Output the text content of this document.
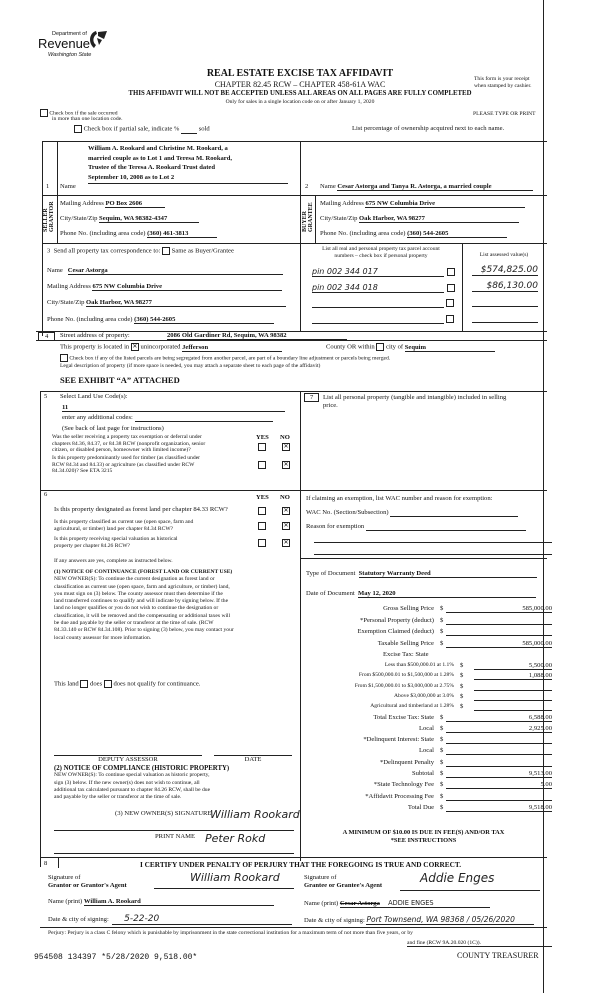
Department of
Revenue
Washington State
REAL ESTATE EXCISE TAX AFFIDAVIT
CHAPTER 82.45 RCW – CHAPTER 458-61A WAC
THIS AFFIDAVIT WILL NOT BE ACCEPTED UNLESS ALL AREAS ON ALL PAGES ARE FULLY COMPLETED
Only for sales in a single location code on or after January 1, 2020
This form is your receipt
when stamped by cashier.
PLEASE TYPE OR PRINT
Check box if the sale occurred
in more than one location code.
Check box if partial sale, indicate %	sold	List percentage of ownership acquired next to each name.
1 Name
William A. Rookard and Christine M. Rookard, a
married couple as to Lot 1 and Teresa M. Rookard,
Trustee of the Teresa A. Rookard Trust dated
September 10, 2008 as to Lot 2
SELLER GRANTOR Mailing Address PO Box 2606
City/State/Zip Sequim, WA 98382-4347
Phone No. (including area code) (360) 461-3813
2 Name Cesar Astorga and Tanya R. Astorga, a married couple
BUYER GRANTEE Mailing Address 675 NW Columbia Drive
City/State/Zip Oak Harbor, WA 98277
Phone No. (including area code) (360) 544-2605
3 Send all property tax correspondence to: Same as Buyer/Grantee
Name Cesar Astorga
Mailing Address 675 NW Columbia Drive
City/State/Zip Oak Harbor, WA 98277
Phone No. (including area code) (360) 544-2605
List all real and personal property tax parcel account
numbers – check box if personal property	List assessed value(s)
pin 002 344 017
pin 002 344 018

$574,825.00
$86,130.00

4	Street address of property:	2086 Old Gardiner Rd, Sequim, WA 98382
This property is located in ✕ unincorporated Jefferson	County OR within city of Sequim
Check box if any of the listed parcels are being segregated from another parcel, are part of a boundary line adjustment or parcels being merged.
Legal description of property (if more space is needed, you may attach a separate sheet to each page of the affidavit)
SEE EXHIBIT “A” ATTACHED
5 Select Land Use Code(s):
11
enter any additional codes:
(See back of last page for instructions)
YES NO
Was the seller receiving a property tax exemption or deferral under
chapters 84.36, 84.37, or 84.38 RCW (nonprofit organization, senior
citizen, or disabled person, homeowner with limited income)?
✕
Is this property predominantly used for timber (as classified under
RCW 84.34 and 84.33) or agriculture (as classified under RCW
84.34.020)? See ETA 3215
✕
6	YES NO
Is this property designated as forest land per chapter 84.33 RCW?	✕
Is this property classified as current use (open space, farm and
agricultural, or timber) land per chapter 84.34 RCW?	✕
Is this property receiving special valuation as historical
property per chapter 84.26 RCW?	✕
If any answers are yes, complete as instructed below.
(1) NOTICE OF CONTINUANCE (FOREST LAND OR CURRENT USE)
NEW OWNER(S): To continue the current designation as forest land or
classification as current use (open space, farm and agriculture, or timber) land,
you must sign on (3) below. The county assessor must then determine if the
land transferred continues to qualify and will indicate by signing below. If the
land no longer qualifies or you do not wish to continue the designation or
classification, it will be removed and the compensating or additional taxes will
be due and payable by the seller or transferor at the time of sale. (RCW
84.33.140 or RCW 84.34.108). Prior to signing (3) below, you may contact your
local county assessor for more information.
This land does does not qualify for continuance.

DEPUTY ASSESSOR	DATE
(2) NOTICE OF COMPLIANCE (HISTORIC PROPERTY)
NEW OWNER(S): To continue special valuation as historic property,
sign (3) below. If the new owner(s) does not wish to continue, all
additional tax calculated pursuant to chapter 84.26 RCW, shall be due
and payable by the seller or transferor at the time of sale.
(3) NEW OWNER(S) SIGNATURE
William Rookard

PRINT NAME Peter Rokd

7	List all personal property (tangible and intangible) included in selling
price.
If claiming an exemption, list WAC number and reason for exemption:
WAC No. (Section/Subsection)
Reason for exemption

Type of Document Statutory Warranty Deed
Date of Document May 12, 2020
Gross Selling Price $	585,000.00
*Personal Property (deduct) $

Exemption Claimed (deduct) $

Taxable Selling Price $	585,000.00
Excise Tax: State
Less than $500,000.01 at 1.1% $	5,500.00
From $500,000.01 to $1,500,000 at 1.28% $	1,088.00
From $1,500,000.01 to $3,000,000 at 2.75% $

Above $3,000,000 at 3.0% $

Agricultural and timberland at 1.28% $

Total Excise Tax: State $	6,588.00
Local $	2,925.00
*Delinquent Interest: State $

Local $

*Delinquent Penalty $

Subtotal $	9,513.00
*State Technology Fee $	5.00
*Affidavit Processing Fee $

Total Due $	9,518.00
A MINIMUM OF $10.00 IS DUE IN FEE(S) AND/OR TAX
*SEE INSTRUCTIONS
8	I CERTIFY UNDER PENALTY OF PERJURY THAT THE FOREGOING IS TRUE AND CORRECT.
Signature of
Grantor or Grantor's Agent

Name (print) William A. Rookard
William Rookard
Date & city of signing: 5-22-20
Signature of
Grantee or Grantee's Agent	Addie Enges

Name (print) Cesar Astorga ADDIE ENGES
Date & city of signing: Port Townsend, WA 98368 / 05/26/2020
Perjury: Perjury is a class C felony which is punishable by imprisonment in the state correctional institution for a maximum term of not more than five years, or by
and fine (RCW 9A.20.020 (1C)).
954508 134397 *5/28/2020 9,518.00*	COUNTY TREASURER
